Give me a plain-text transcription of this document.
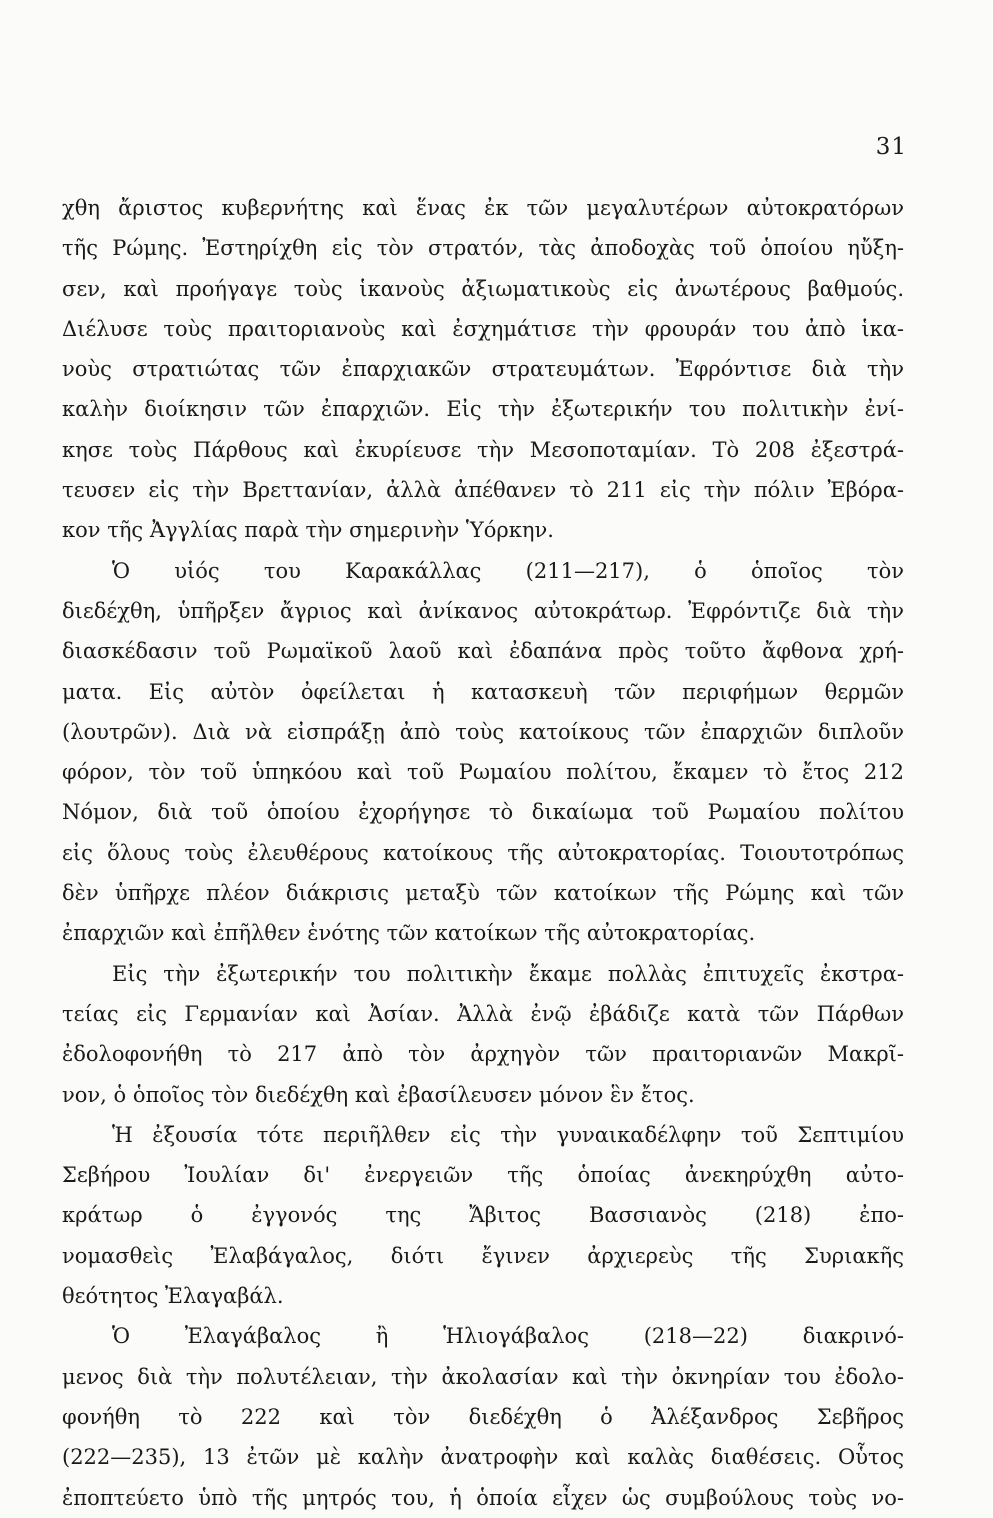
31
χθη ἄριστος κυβερνήτης καὶ ἕνας ἐκ τῶν μεγαλυτέρων αὐτοκρατόρων
τῆς Ρώμης. Ἐστηρίχθη εἰς τὸν στρατόν, τὰς ἀποδοχὰς τοῦ ὁποίου ηὔξη-
σεν, καὶ προήγαγε τοὺς ἱκανοὺς ἀξιωματικοὺς εἰς ἀνωτέρους βαθμούς.
Διέλυσε τοὺς πραιτοριανοὺς καὶ ἐσχημάτισε τὴν φρουράν του ἀπὸ ἱκα-
νοὺς στρατιώτας τῶν ἐπαρχιακῶν στρατευμάτων. Ἐφρόντισε διὰ τὴν
καλὴν διοίκησιν τῶν ἐπαρχιῶν. Εἰς τὴν ἐξωτερικήν του πολιτικὴν ἐνί-
κησε τοὺς Πάρθους καὶ ἐκυρίευσε τὴν Μεσοποταμίαν. Τὸ 208 ἐξεστρά-
τευσεν εἰς τὴν Βρεττανίαν, ἀλλὰ ἀπέθανεν τὸ 211 εἰς τὴν πόλιν Ἐβόρα-
κον τῆς Ἀγγλίας παρὰ τὴν σημερινὴν Ὑόρκην.
Ὁ υἱός του Καρακάλλας (211—217), ὁ ὁποῖος τὸν
διεδέχθη, ὑπῆρξεν ἄγριος καὶ ἀνίκανος αὐτοκράτωρ. Ἐφρόντιζε διὰ τὴν
διασκέδασιν τοῦ Ρωμαϊκοῦ λαοῦ καὶ ἐδαπάνα πρὸς τοῦτο ἄφθονα χρή-
ματα. Εἰς αὐτὸν ὀφείλεται ἡ κατασκευὴ τῶν περιφήμων θερμῶν
(λουτρῶν). Διὰ νὰ εἰσπράξῃ ἀπὸ τοὺς κατοίκους τῶν ἐπαρχιῶν διπλοῦν
φόρον, τὸν τοῦ ὑπηκόου καὶ τοῦ Ρωμαίου πολίτου, ἔκαμεν τὸ ἔτος 212
Νόμον, διὰ τοῦ ὁποίου ἐχορήγησε τὸ δικαίωμα τοῦ Ρωμαίου πολίτου
εἰς ὅλους τοὺς ἐλευθέρους κατοίκους τῆς αὐτοκρατορίας. Τοιουτοτρόπως
δὲν ὑπῆρχε πλέον διάκρισις μεταξὺ τῶν κατοίκων τῆς Ρώμης καὶ τῶν
ἐπαρχιῶν καὶ ἐπῆλθεν ἑνότης τῶν κατοίκων τῆς αὐτοκρατορίας.
Εἰς τὴν ἐξωτερικήν του πολιτικὴν ἔκαμε πολλὰς ἐπιτυχεῖς ἐκστρα-
τείας εἰς Γερμανίαν καὶ Ἀσίαν. Ἀλλὰ ἐνῷ ἐβάδιζε κατὰ τῶν Πάρθων
ἐδολοφονήθη τὸ 217 ἀπὸ τὸν ἀρχηγὸν τῶν πραιτοριανῶν Μακρῖ-
νον, ὁ ὁποῖος τὸν διεδέχθη καὶ ἐβασίλευσεν μόνον ἓν ἔτος.
Ἡ ἐξουσία τότε περιῆλθεν εἰς τὴν γυναικαδέλφην τοῦ Σεπτιμίου
Σεβήρου Ἰουλίαν δι' ἐνεργειῶν τῆς ὁποίας ἀνεκηρύχθη αὐτο-
κράτωρ ὁ ἐγγονός της Ἄβιτος Βασσιανὸς (218) ἐπο-
νομασθεὶς Ἐλαβάγαλος, διότι ἔγινεν ἀρχιερεὺς τῆς Συριακῆς
θεότητος Ἐλαγαβάλ.
Ὁ Ἐλαγάβαλος ἢ Ἡλιογάβαλος (218—22) διακρινό-
μενος διὰ τὴν πολυτέλειαν, τὴν ἀκολασίαν καὶ τὴν ὀκνηρίαν του ἐδολο-
φονήθη τὸ 222 καὶ τὸν διεδέχθη ὁ Ἀλέξανδρος Σεβῆρος
(222—235), 13 ἐτῶν μὲ καλὴν ἀνατροφὴν καὶ καλὰς διαθέσεις. Οὗτος
ἐποπτεύετο ὑπὸ τῆς μητρός του, ἡ ὁποία εἶχεν ὡς συμβούλους τοὺς νο-
